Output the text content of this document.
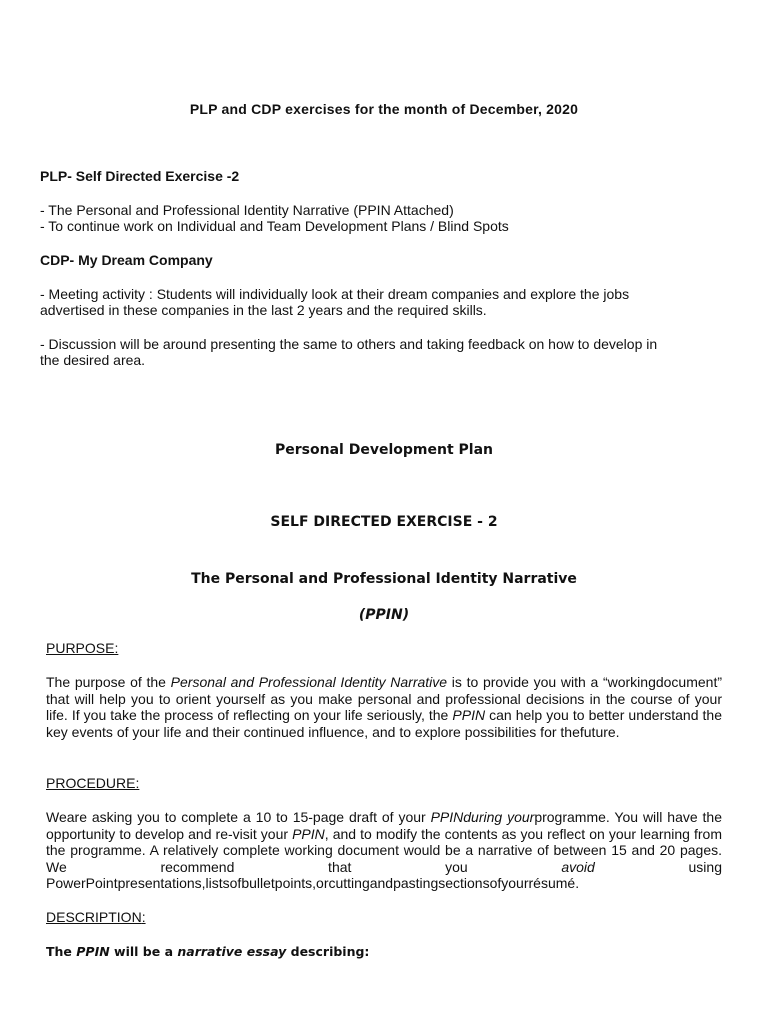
PLP and CDP exercises for the month of December, 2020

PLP- Self Directed Exercise -2

- The Personal and Professional Identity Narrative (PPIN Attached)
- To continue work on Individual and Team Development Plans / Blind Spots

CDP- My Dream Company

- Meeting activity : Students will individually look at their dream companies and explore the jobs
advertised in these companies in the last 2 years and the required skills.
- Discussion will be around presenting the same to others and taking feedback on how to develop in
the desired area.

Personal Development Plan

SELF DIRECTED EXERCISE - 2

The Personal and Professional Identity Narrative

(PPIN)

PURPOSE:

The purpose of the Personal and Professional Identity Narrative is to provide you with a “workingdocument” that will help you to orient yourself as you make personal and professional decisions in the course of your life. If you take the process of reflecting on your life seriously, the PPIN can help you to better understand the key events of your life and their continued influence, and to explore possibilities for thefuture.

PROCEDURE:

Weare asking you to complete a 10 to 15-page draft of your PPINduring yourprogramme. You will have the opportunity to develop and re-visit your PPIN, and to modify the contents as you reflect on your learning from the programme. A relatively complete working document would be a narrative of between 15 and 20 pages. We recommend that you avoid using

PowerPointpresentations,listsofbulletpoints,orcuttingandpastingsectionsofyourrésumé.

DESCRIPTION:

The PPIN will be a narrative essay describing:
